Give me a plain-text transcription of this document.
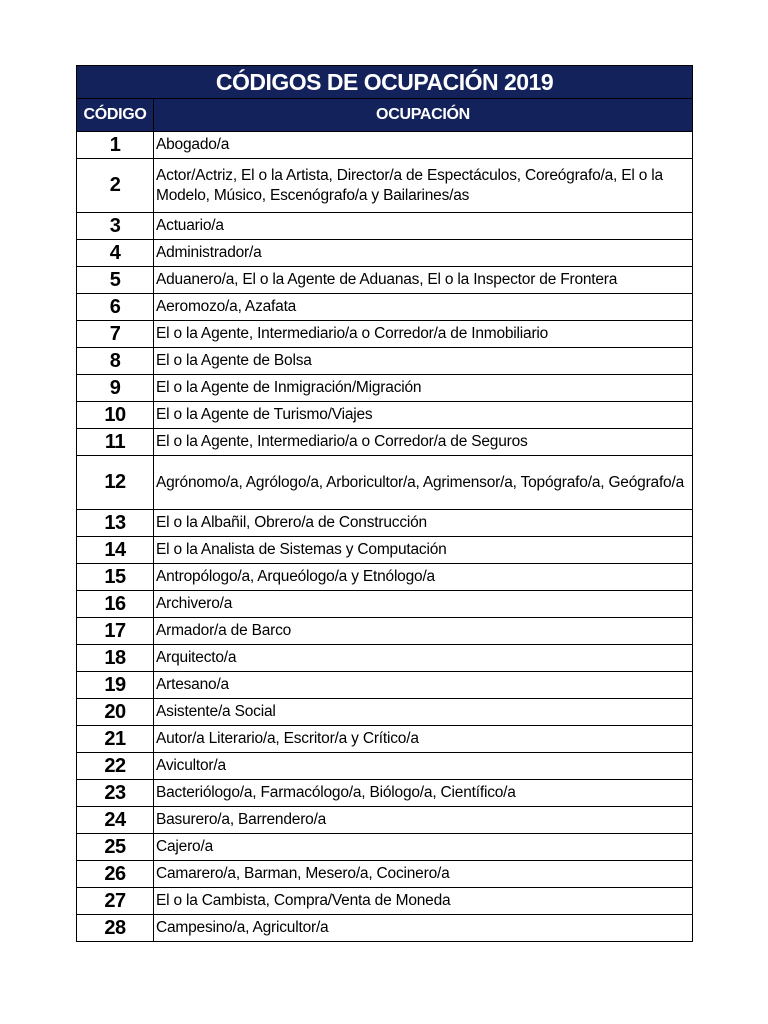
CÓDIGOS DE OCUPACIÓN 2019	
CÓDIGO	OCUPACIÓN
1	Abogado/a
2	Actor/Actriz, El o la Artista, Director/a de Espectáculos, Coreógrafo/a, El o la Modelo, Músico, Escenógrafo/a y Bailarines/as
3	Actuario/a
4	Administrador/a
5	Aduanero/a, El o la Agente de Aduanas, El o la Inspector de Frontera
6	Aeromozo/a, Azafata
7	El o la Agente, Intermediario/a o Corredor/a de Inmobiliario
8	El o la Agente de Bolsa
9	El o la Agente de Inmigración/Migración
10	El o la Agente de Turismo/Viajes
11	El o la Agente, Intermediario/a o Corredor/a de Seguros
12	Agrónomo/a, Agrólogo/a, Arboricultor/a, Agrimensor/a, Topógrafo/a, Geógrafo/a
13	El o la Albañil, Obrero/a de Construcción
14	El o la Analista de Sistemas y Computación
15	Antropólogo/a, Arqueólogo/a y Etnólogo/a
16	Archivero/a
17	Armador/a de Barco
18	Arquitecto/a
19	Artesano/a
20	Asistente/a Social
21	Autor/a Literario/a, Escritor/a y Crítico/a
22	Avicultor/a
23	Bacteriólogo/a, Farmacólogo/a, Biólogo/a, Científico/a
24	Basurero/a, Barrendero/a
25	Cajero/a
26	Camarero/a, Barman, Mesero/a, Cocinero/a
27	El o la Cambista, Compra/Venta de Moneda
28	Campesino/a, Agricultor/a
